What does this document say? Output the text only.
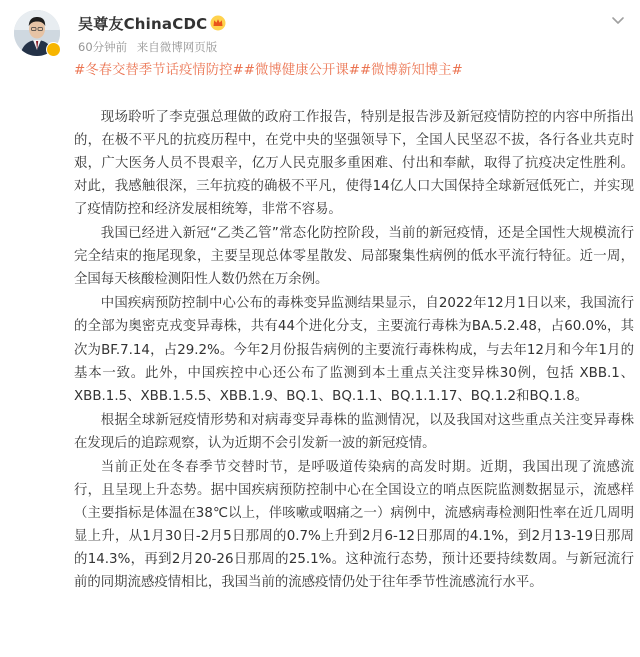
吴尊友ChinaCDC
60分钟前 来自微博网页版
#冬春交替季节话疫情防控##微博健康公开课##微博新知博主#

现场聆听了李克强总理做的政府工作报告，特别是报告涉及新冠疫情防控的内容中所指出的，在极不平凡的抗疫历程中，在党中央的坚强领导下，全国人民坚忍不拔，各行各业共克时艰，广大医务人员不畏艰辛，亿万人民克服多重困难、付出和奉献，取得了抗疫决定性胜利。对此，我感触很深，三年抗疫的确极不平凡，使得14亿人口大国保持全球新冠低死亡，并实现了疫情防控和经济发展相统筹，非常不容易。

我国已经进入新冠“乙类乙管”常态化防控阶段，当前的新冠疫情，还是全国性大规模流行完全结束的拖尾现象，主要呈现总体零星散发、局部聚集性病例的低水平流行特征。近一周，全国每天核酸检测阳性人数仍然在万余例。

中国疾病预防控制中心公布的毒株变异监测结果显示，自2022年12月1日以来，我国流行的全部为奥密克戎变异毒株，共有44个进化分支，主要流行毒株为BA.5.2.48，占60.0%，其次为BF.7.14，占29.2%。今年2月份报告病例的主要流行毒株构成，与去年12月和今年1月的基本一致。此外，中国疾控中心还公布了监测到本土重点关注变异株30例，包括 XBB.1、XBB.1.5、XBB.1.5.5、XBB.1.9、BQ.1、BQ.1.1、BQ.1.1.17、BQ.1.2和BQ.1.8。

根据全球新冠疫情形势和对病毒变异毒株的监测情况，以及我国对这些重点关注变异毒株在发现后的追踪观察，认为近期不会引发新一波的新冠疫情。

当前正处在冬春季节交替时节，是呼吸道传染病的高发时期。近期，我国出现了流感流行，且呈现上升态势。据中国疾病预防控制中心在全国设立的哨点医院监测数据显示，流感样（主要指标是体温在38℃以上，伴咳嗽或咽痛之一）病例中，流感病毒检测阳性率在近几周明显上升，从1月30日-2月5日那周的0.7%上升到2月6-12日那周的4.1%，到2月13-19日那周的14.3%，再到2月20-26日那周的25.1%。这种流行态势，预计还要持续数周。与新冠流行前的同期流感疫情相比，我国当前的流感疫情仍处于往年季节性流感流行水平。
